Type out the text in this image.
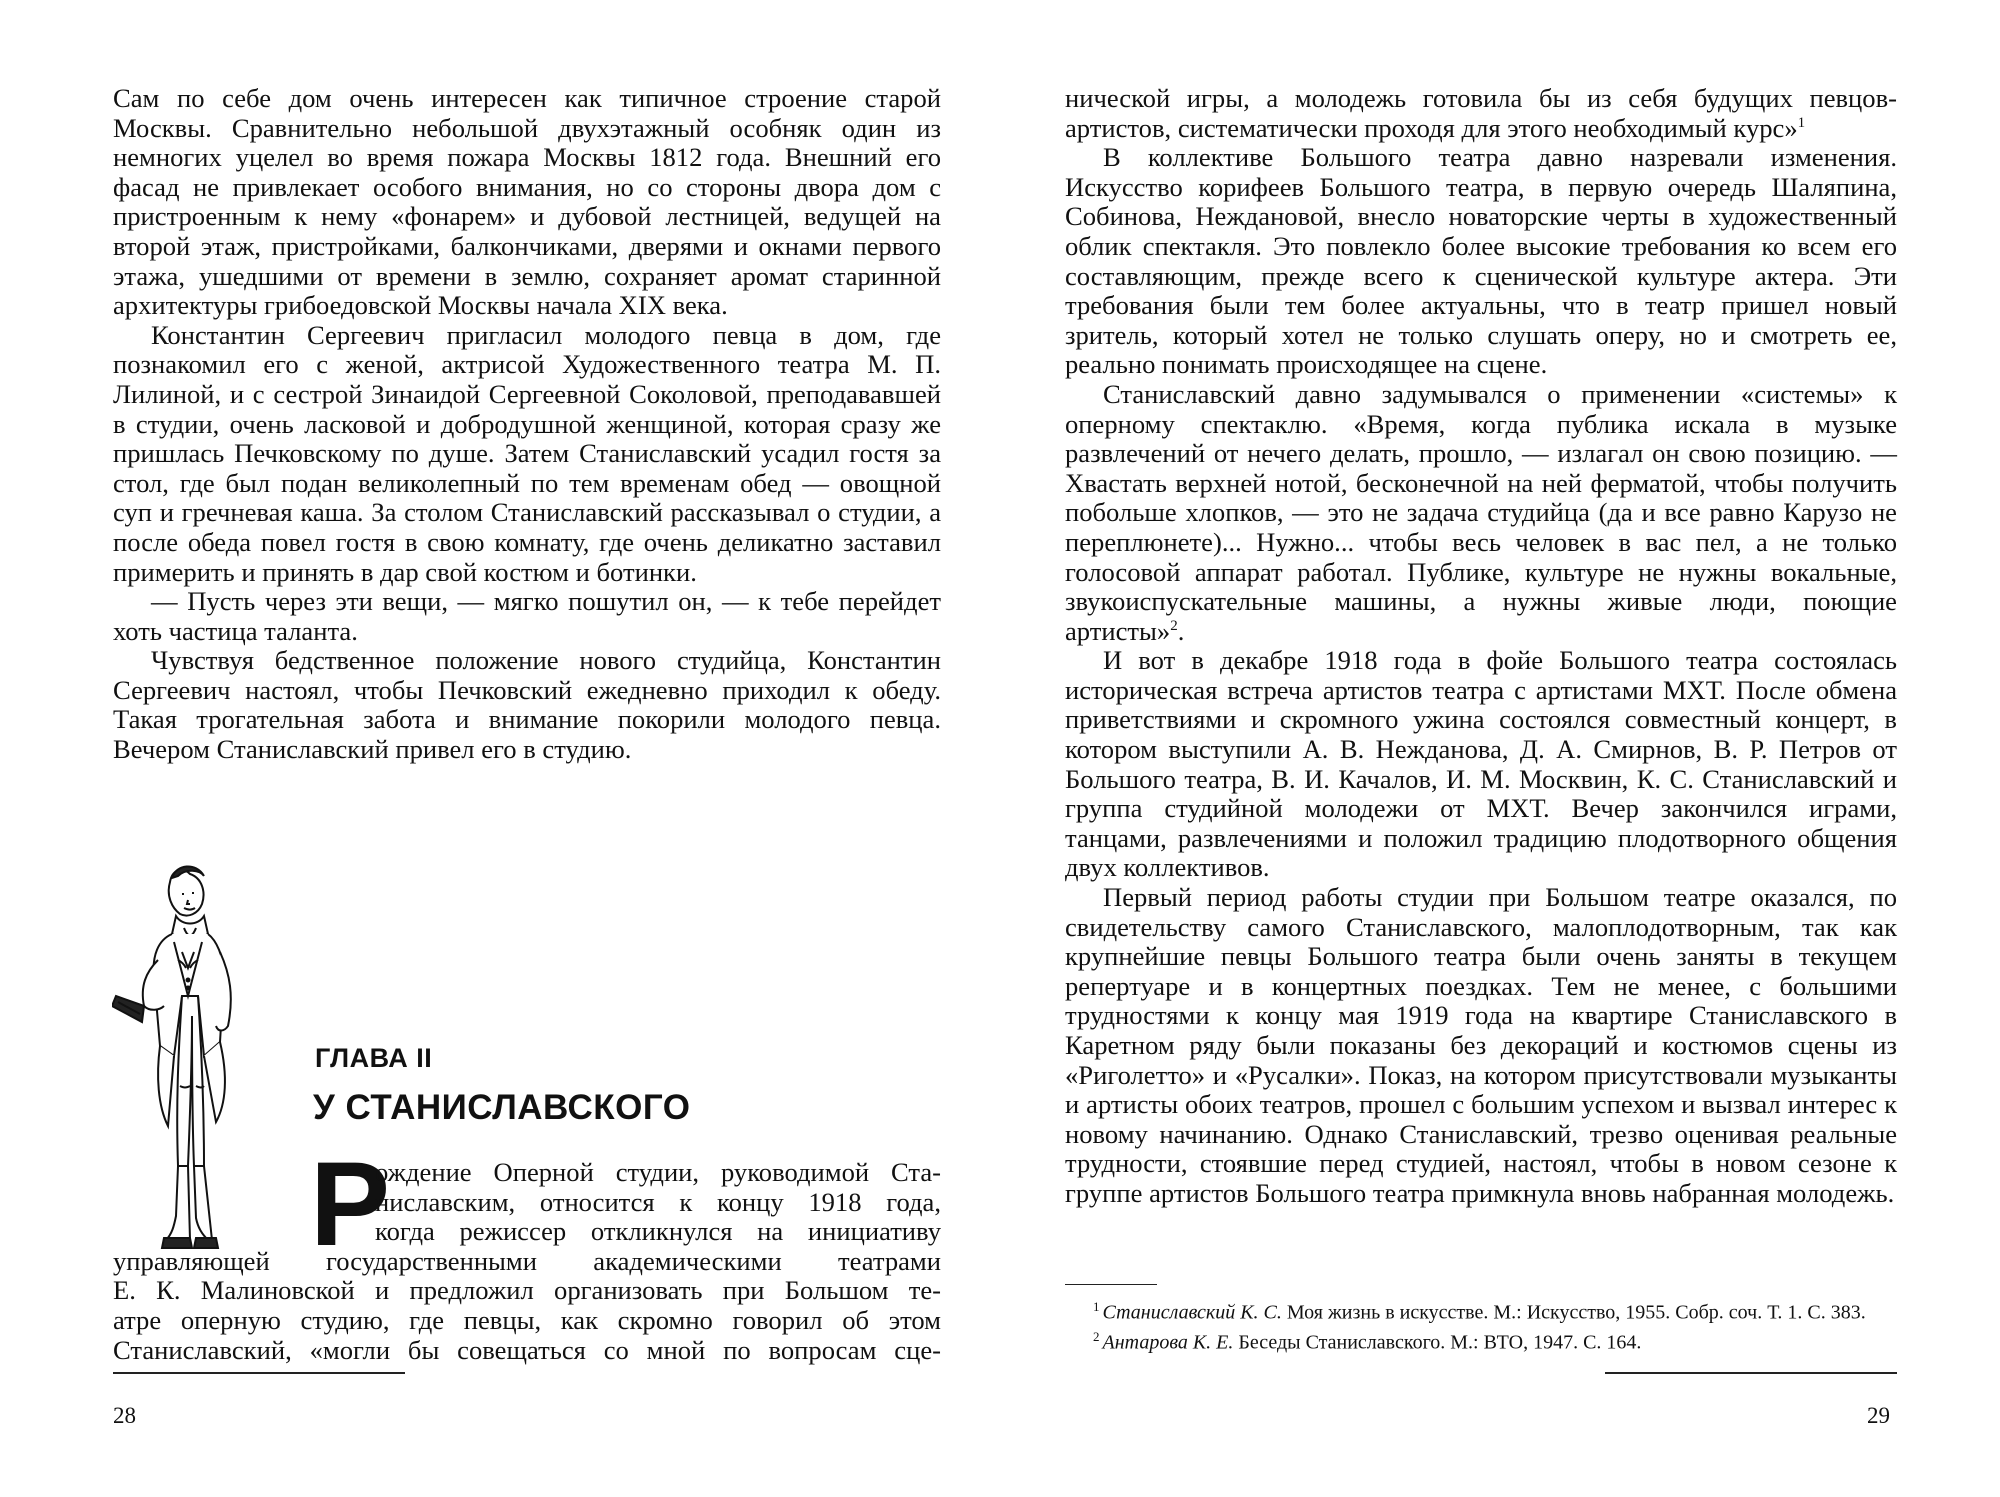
Сам по себе дом очень интересен как типичное строение старой Москвы. Сравнительно небольшой двухэтажный особняк один из немногих уцелел во время пожара Москвы 1812 года. Внешний его фасад не привлекает особого внимания, но со стороны двора дом с пристроенным к нему «фонарем» и дубовой лестницей, ведущей на второй этаж, пристройками, балкончиками, дверями и окнами первого этажа, ушедшими от времени в землю, сохраняет аромат старинной архитектуры грибоедовской Москвы начала XIX века.

Константин Сергеевич пригласил молодого певца в дом, где познакомил его с женой, актрисой Художественного театра М. П. Лилиной, и с сестрой Зинаидой Сергеевной Соколовой, преподававшей в студии, очень ласковой и добродушной женщиной, которая сразу же пришлась Печковскому по душе. Затем Станиславский усадил гостя за стол, где был подан великолепный по тем временам обед — овощной суп и гречневая каша. За столом Станиславский рассказывал о студии, а после обеда повел гостя в свою комнату, где очень деликатно заставил примерить и принять в дар свой костюм и ботинки.

— Пусть через эти вещи, — мягко пошутил он, — к тебе перейдет хоть частица таланта.

Чувствуя бедственное положение нового студийца, Константин Сергеевич настоял, чтобы Печковский ежедневно приходил к обеду. Такая трогательная забота и внимание покорили молодого певца. Вечером Станиславский привел его в студию.

ГЛАВА II
У СТАНИСЛАВСКОГО
Р
ождение Оперной студии, руководимой Ста-
ниславским, относится к концу 1918 года,
когда режиссер откликнулся на инициативу
управляющей государственными академическими театрами
Е. К. Малиновской и предложил организовать при Большом те-
атре оперную студию, где певцы, как скромно говорил об этом
Станиславский, «могли бы совещаться со мной по вопросам сце-
28

нической игры, а молодежь готовила бы из себя будущих певцов-артистов, систематически проходя для этого необходимый курс»$^1$

В коллективе Большого театра давно назревали изменения. Искусство корифеев Большого театра, в первую очередь Шаляпина, Собинова, Неждановой, внесло новаторские черты в художественный облик спектакля. Это повлекло более высокие требования ко всем его составляющим, прежде всего к сценической культуре актера. Эти требования были тем более актуальны, что в театр пришел новый зритель, который хотел не только слушать оперу, но и смотреть ее, реально понимать происходящее на сцене.

Станиславский давно задумывался о применении «системы» к оперному спектаклю. «Время, когда публика искала в музыке развлечений от нечего делать, прошло, — излагал он свою позицию. — Хвастать верхней нотой, бесконечной на ней ферматой, чтобы получить побольше хлопков, — это не задача студийца (да и все равно Карузо не переплюнете)... Нужно... чтобы весь человек в вас пел, а не только голосовой аппарат работал. Публике, культуре не нужны вокальные, звукоиспускательные машины, а нужны живые люди, поющие артисты»$^2$.

И вот в декабре 1918 года в фойе Большого театра состоялась историческая встреча артистов театра с артистами МХТ. После обмена приветствиями и скромного ужина состоялся совместный концерт, в котором выступили А. В. Нежданова, Д. А. Смирнов, В. Р. Петров от Большого театра, В. И. Качалов, И. М. Москвин, К. С. Станиславский и группа студийной молодежи от МХТ. Вечер закончился играми, танцами, развлечениями и положил традицию плодотворного общения двух коллективов.

Первый период работы студии при Большом театре оказался, по свидетельству самого Станиславского, малоплодотворным, так как крупнейшие певцы Большого театра были очень заняты в текущем репертуаре и в концертных поездках. Тем не менее, с большими трудностями к концу мая 1919 года на квартире Станиславского в Каретном ряду были показаны без декораций и костюмов сцены из «Риголетто» и «Русалки». Показ, на котором присутствовали музыканты и артисты обоих театров, прошел с большим успехом и вызвал интерес к новому начинанию. Однако Станиславский, трезво оценивая реальные трудности, стоявшие перед студией, настоял, чтобы в новом сезоне к группе артистов Большого театра примкнула вновь набранная молодежь.

$^1$ Станиславский К. С. Моя жизнь в искусстве. М.: Искусство, 1955. Собр. соч. Т. 1. С. 383.

$^2$ Антарова К. Е. Беседы Станиславского. М.: ВТО, 1947. С. 164.

29
